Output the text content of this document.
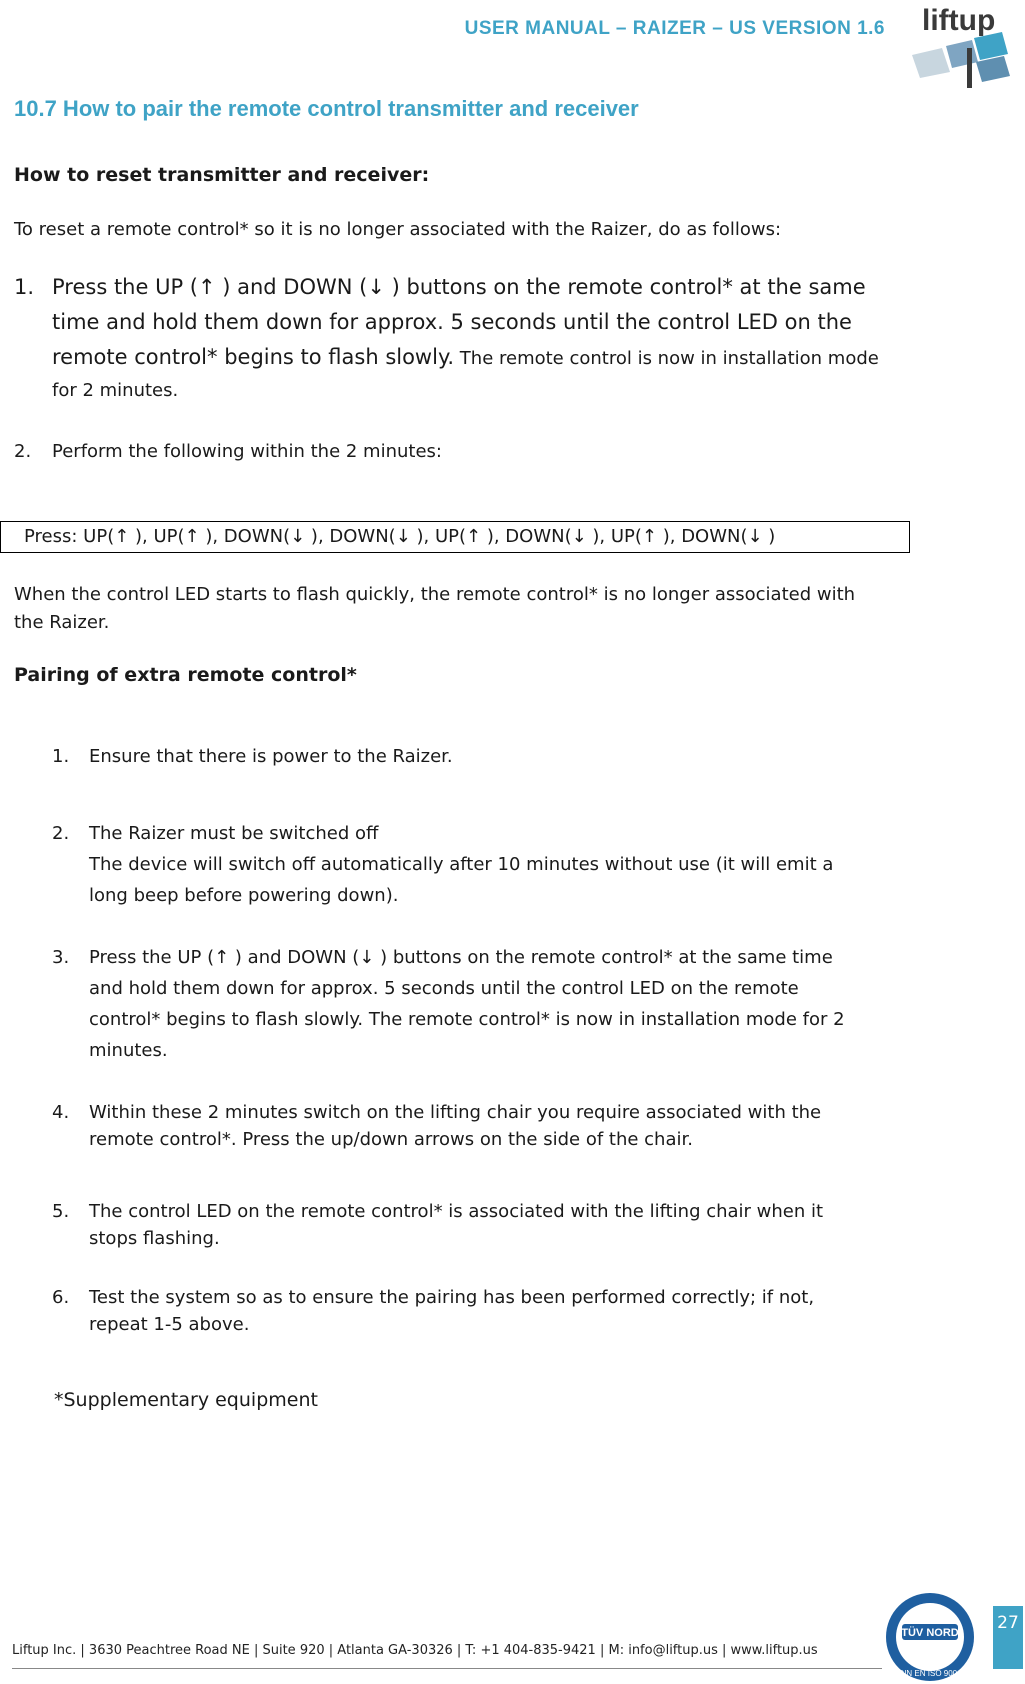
USER MANUAL – RAIZER – US VERSION 1.6 liftup
10.7 How to pair the remote control transmitter and receiver
How to reset transmitter and receiver:
To reset a remote control* so it is no longer associated with the Raizer, do as follows:
1. Press the UP (↑ ) and DOWN (↓ ) buttons on the remote control* at the same
time and hold them down for approx. 5 seconds until the control LED on the
remote control* begins to flash slowly. The remote control is now in installation mode
for 2 minutes.
2. Perform the following within the 2 minutes:
Press: UP(↑ ), UP(↑ ), DOWN(↓ ), DOWN(↓ ), UP(↑ ), DOWN(↓ ), UP(↑ ), DOWN(↓ )
When the control LED starts to flash quickly, the remote control* is no longer associated with
the Raizer.
Pairing of extra remote control*
1. Ensure that there is power to the Raizer.
2. The Raizer must be switched off
The device will switch off automatically after 10 minutes without use (it will emit a
long beep before powering down).
3. Press the UP (↑ ) and DOWN (↓ ) buttons on the remote control* at the same time
and hold them down for approx. 5 seconds until the control LED on the remote
control* begins to flash slowly. The remote control* is now in installation mode for 2
minutes.
4. Within these 2 minutes switch on the lifting chair you require associated with the
remote control*. Press the up/down arrows on the side of the chair.
5. The control LED on the remote control* is associated with the lifting chair when it
stops flashing.
6. Test the system so as to ensure the pairing has been performed correctly; if not,
repeat 1-5 above.
*Supplementary equipment
Liftup Inc. | 3630 Peachtree Road NE | Suite 920 | Atlanta GA-30326 | T: +1 404-835-9421 | M: info@liftup.us | www.liftup.us
TÜV NORD
DIN EN ISO 9001
27
